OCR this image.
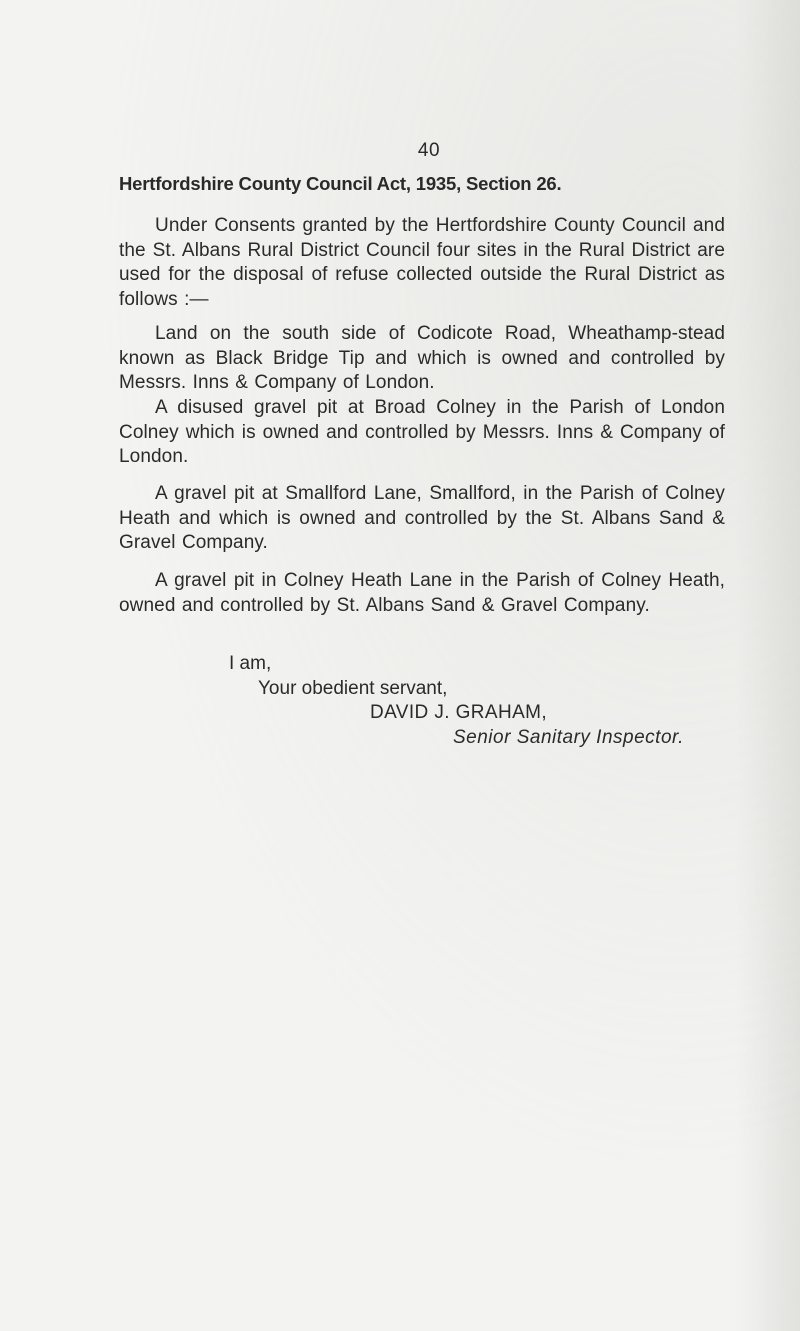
40
Hertfordshire County Council Act, 1935, Section 26.

Under Consents granted by the Hertfordshire County Council and the St. Albans Rural District Council four sites in the Rural District are used for the disposal of refuse collected outside the Rural District as follows :—

Land on the south side of Codicote Road, Wheathamp-stead known as Black Bridge Tip and which is owned and controlled by Messrs. Inns & Company of London.

A disused gravel pit at Broad Colney in the Parish of London Colney which is owned and controlled by Messrs. Inns & Company of London.

A gravel pit at Smallford Lane, Smallford, in the Parish of Colney Heath and which is owned and controlled by the St. Albans Sand & Gravel Company.

A gravel pit in Colney Heath Lane in the Parish of Colney Heath, owned and controlled by St. Albans Sand & Gravel Company.

I am,
Your obedient servant,
DAVID J. GRAHAM,
Senior Sanitary Inspector.
